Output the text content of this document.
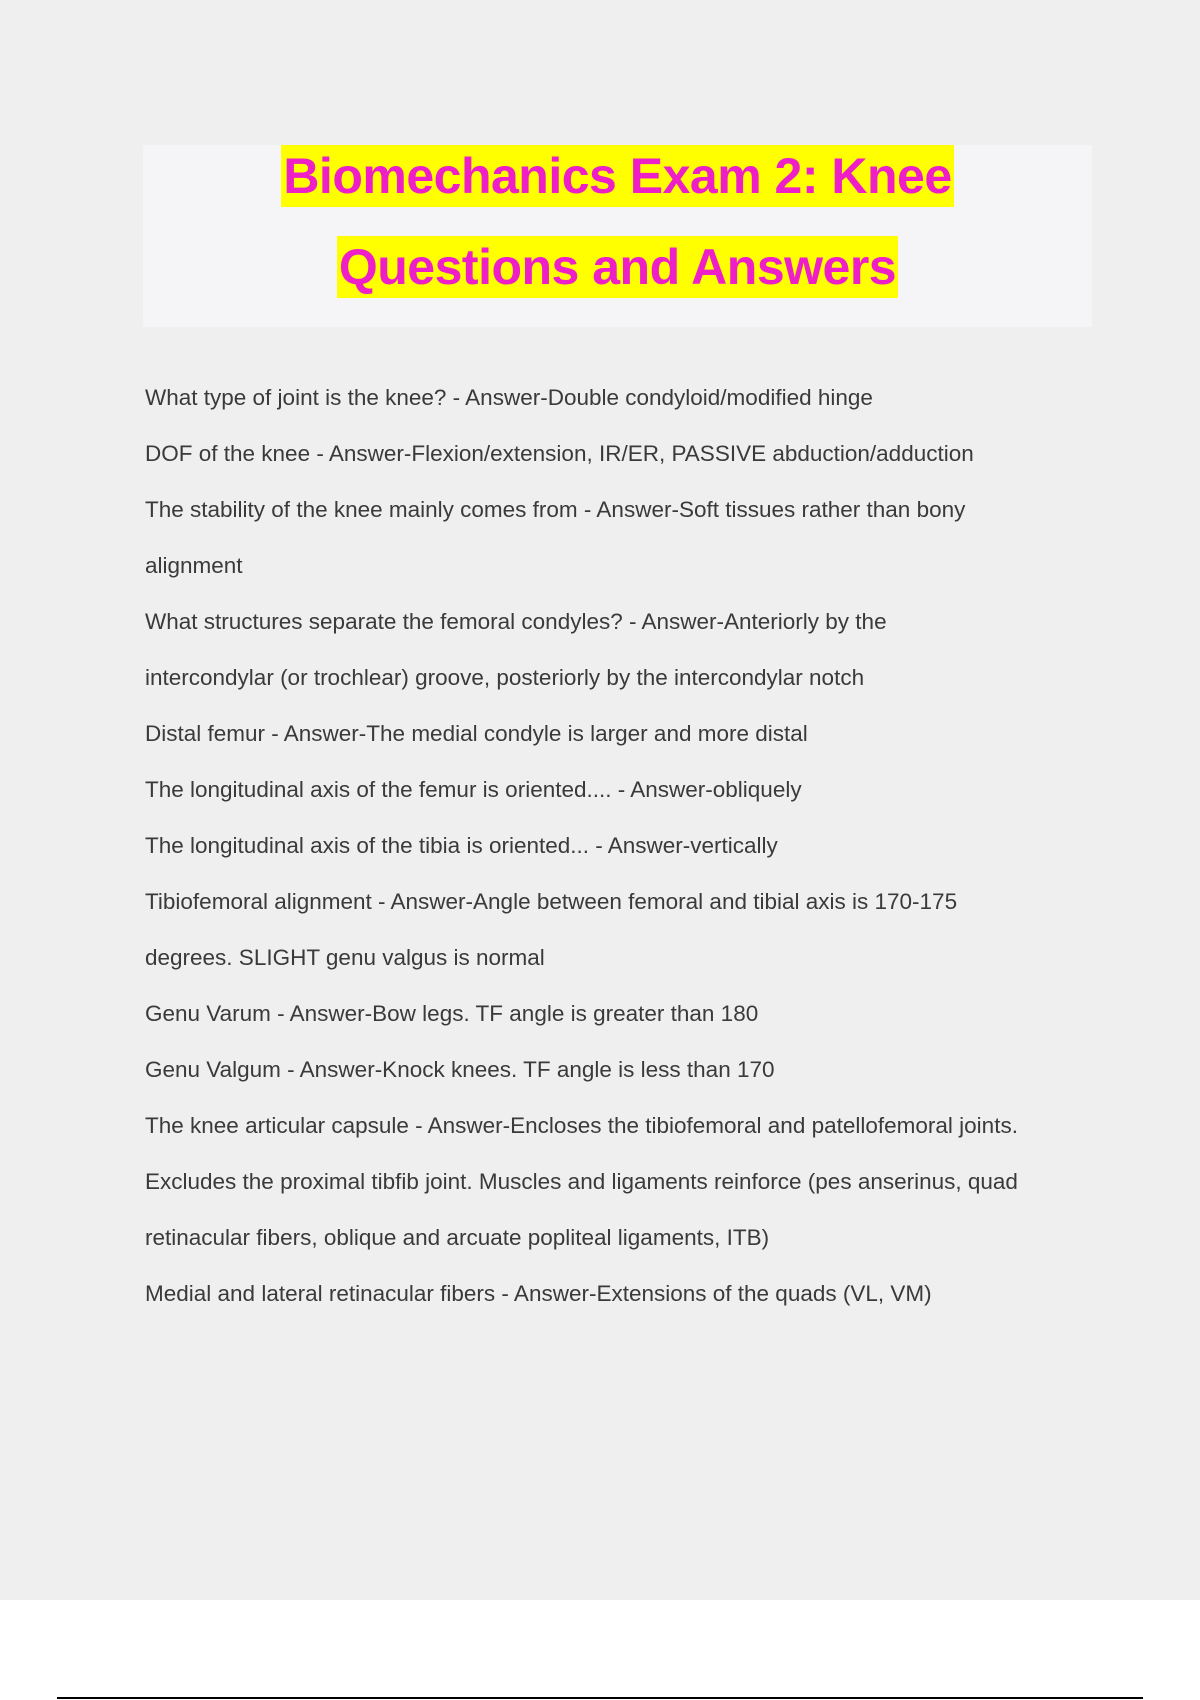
Biomechanics Exam 2: Knee
Questions and Answers
What type of joint is the knee? - Answer-Double condyloid/modified hinge
DOF of the knee - Answer-Flexion/extension, IR/ER, PASSIVE abduction/adduction
The stability of the knee mainly comes from - Answer-Soft tissues rather than bony
alignment
What structures separate the femoral condyles? - Answer-Anteriorly by the
intercondylar (or trochlear) groove, posteriorly by the intercondylar notch
Distal femur - Answer-The medial condyle is larger and more distal
The longitudinal axis of the femur is oriented.... - Answer-obliquely
The longitudinal axis of the tibia is oriented... - Answer-vertically
Tibiofemoral alignment - Answer-Angle between femoral and tibial axis is 170-175
degrees. SLIGHT genu valgus is normal
Genu Varum - Answer-Bow legs. TF angle is greater than 180
Genu Valgum - Answer-Knock knees. TF angle is less than 170
The knee articular capsule - Answer-Encloses the tibiofemoral and patellofemoral joints.
Excludes the proximal tibfib joint. Muscles and ligaments reinforce (pes anserinus, quad
retinacular fibers, oblique and arcuate popliteal ligaments, ITB)
Medial and lateral retinacular fibers - Answer-Extensions of the quads (VL, VM)
